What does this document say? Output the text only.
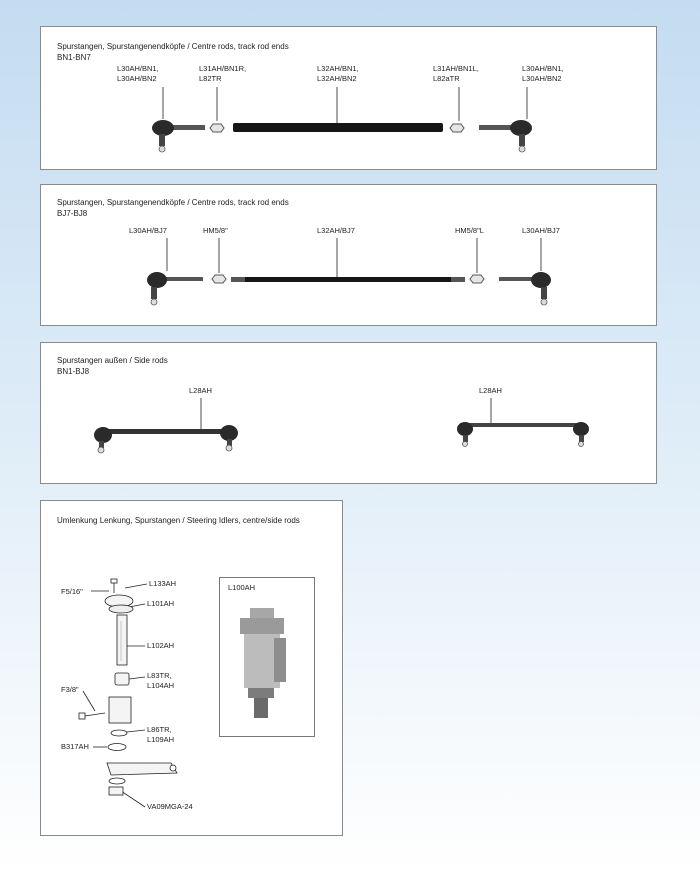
Spurstangen, Spurstangenendköpfe / Centre rods, track rod ends
BN1-BN7
L30AH/BN1,
L30AH/BN2
L31AH/BN1R,
L82TR
L32AH/BN1,
L32AH/BN2
L31AH/BN1L,
L82aTR
L30AH/BN1,
L30AH/BN2
Spurstangen, Spurstangenendköpfe / Centre rods, track rod ends
BJ7-BJ8
L30AH/BJ7	HM5/8"	L32AH/BJ7	HM5/8"L	L30AH/BJ7
Spurstangen außen / Side rods
BN1-BJ8
L28AH	L28AH
Umlenkung Lenkung, Spurstangen / Steering Idlers, centre/side rods
F5/16"
L133AH
L101AH
L102AH
L83TR,
L104AH
F3/8"
L86TR,
L109AH
B317AH
VA09MGA-24
L100AH
